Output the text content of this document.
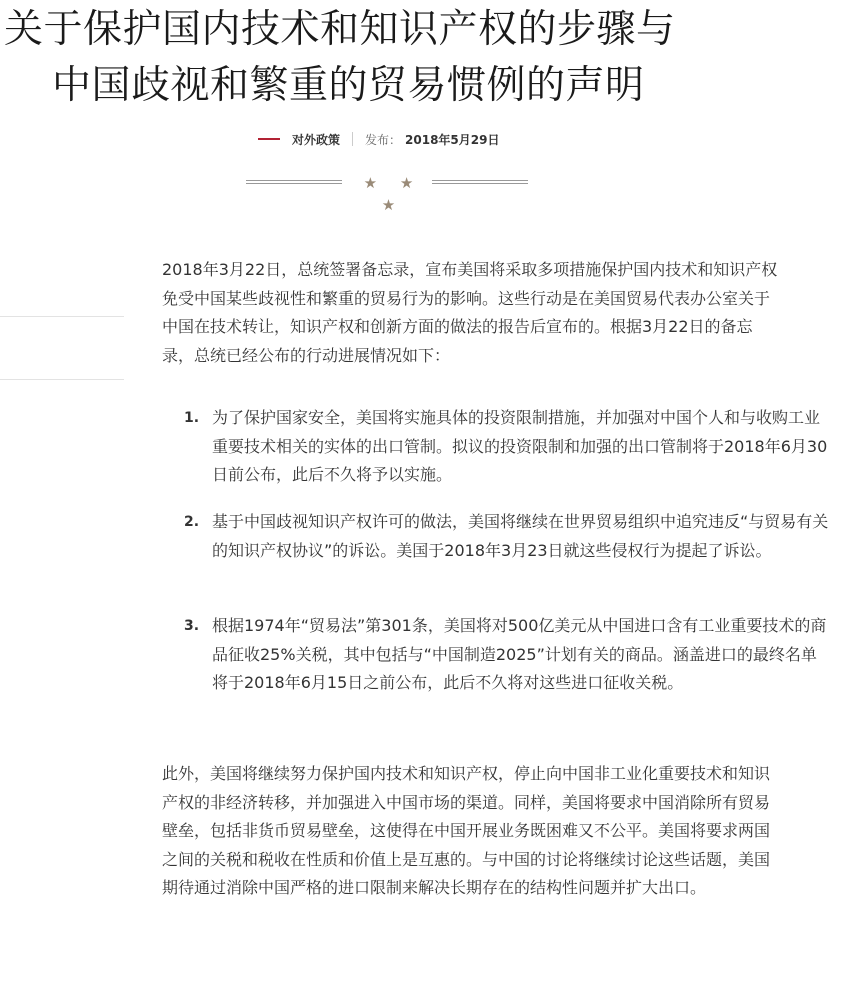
关于保护国内技术和知识产权的步骤与
中国歧视和繁重的贸易惯例的声明
对外政策 发布： 2018年5月29日
★ ★ ★

2018年3月22日，总统签署备忘录，宣布美国将采取多项措施保护国内技术和知识产权免受中国某些歧视性和繁重的贸易行为的影响。这些行动是在美国贸易代表办公室关于中国在技术转让，知识产权和创新方面的做法的报告后宣布的。根据3月22日的备忘录，总统已经公布的行动进展情况如下：

1. 为了保护国家安全，美国将实施具体的投资限制措施，并加强对中国个人和与收购工业重要技术相关的实体的出口管制。拟议的投资限制和加强的出口管制将于2018年6月30日前公布，此后不久将予以实施。
2. 基于中国歧视知识产权许可的做法，美国将继续在世界贸易组织中追究违反“与贸易有关的知识产权协议”的诉讼。美国于2018年3月23日就这些侵权行为提起了诉讼。
3. 根据1974年“贸易法”第301条，美国将对500亿美元从中国进口含有工业重要技术的商品征收25%关税，其中包括与“中国制造2025”计划有关的商品。涵盖进口的最终名单将于2018年6月15日之前公布，此后不久将对这些进口征收关税。

此外，美国将继续努力保护国内技术和知识产权，停止向中国非工业化重要技术和知识产权的非经济转移，并加强进入中国市场的渠道。同样，美国将要求中国消除所有贸易壁垒，包括非货币贸易壁垒，这使得在中国开展业务既困难又不公平。美国将要求两国之间的关税和税收在性质和价值上是互惠的。与中国的讨论将继续讨论这些话题，美国期待通过消除中国严格的进口限制来解决长期存在的结构性问题并扩大出口。
